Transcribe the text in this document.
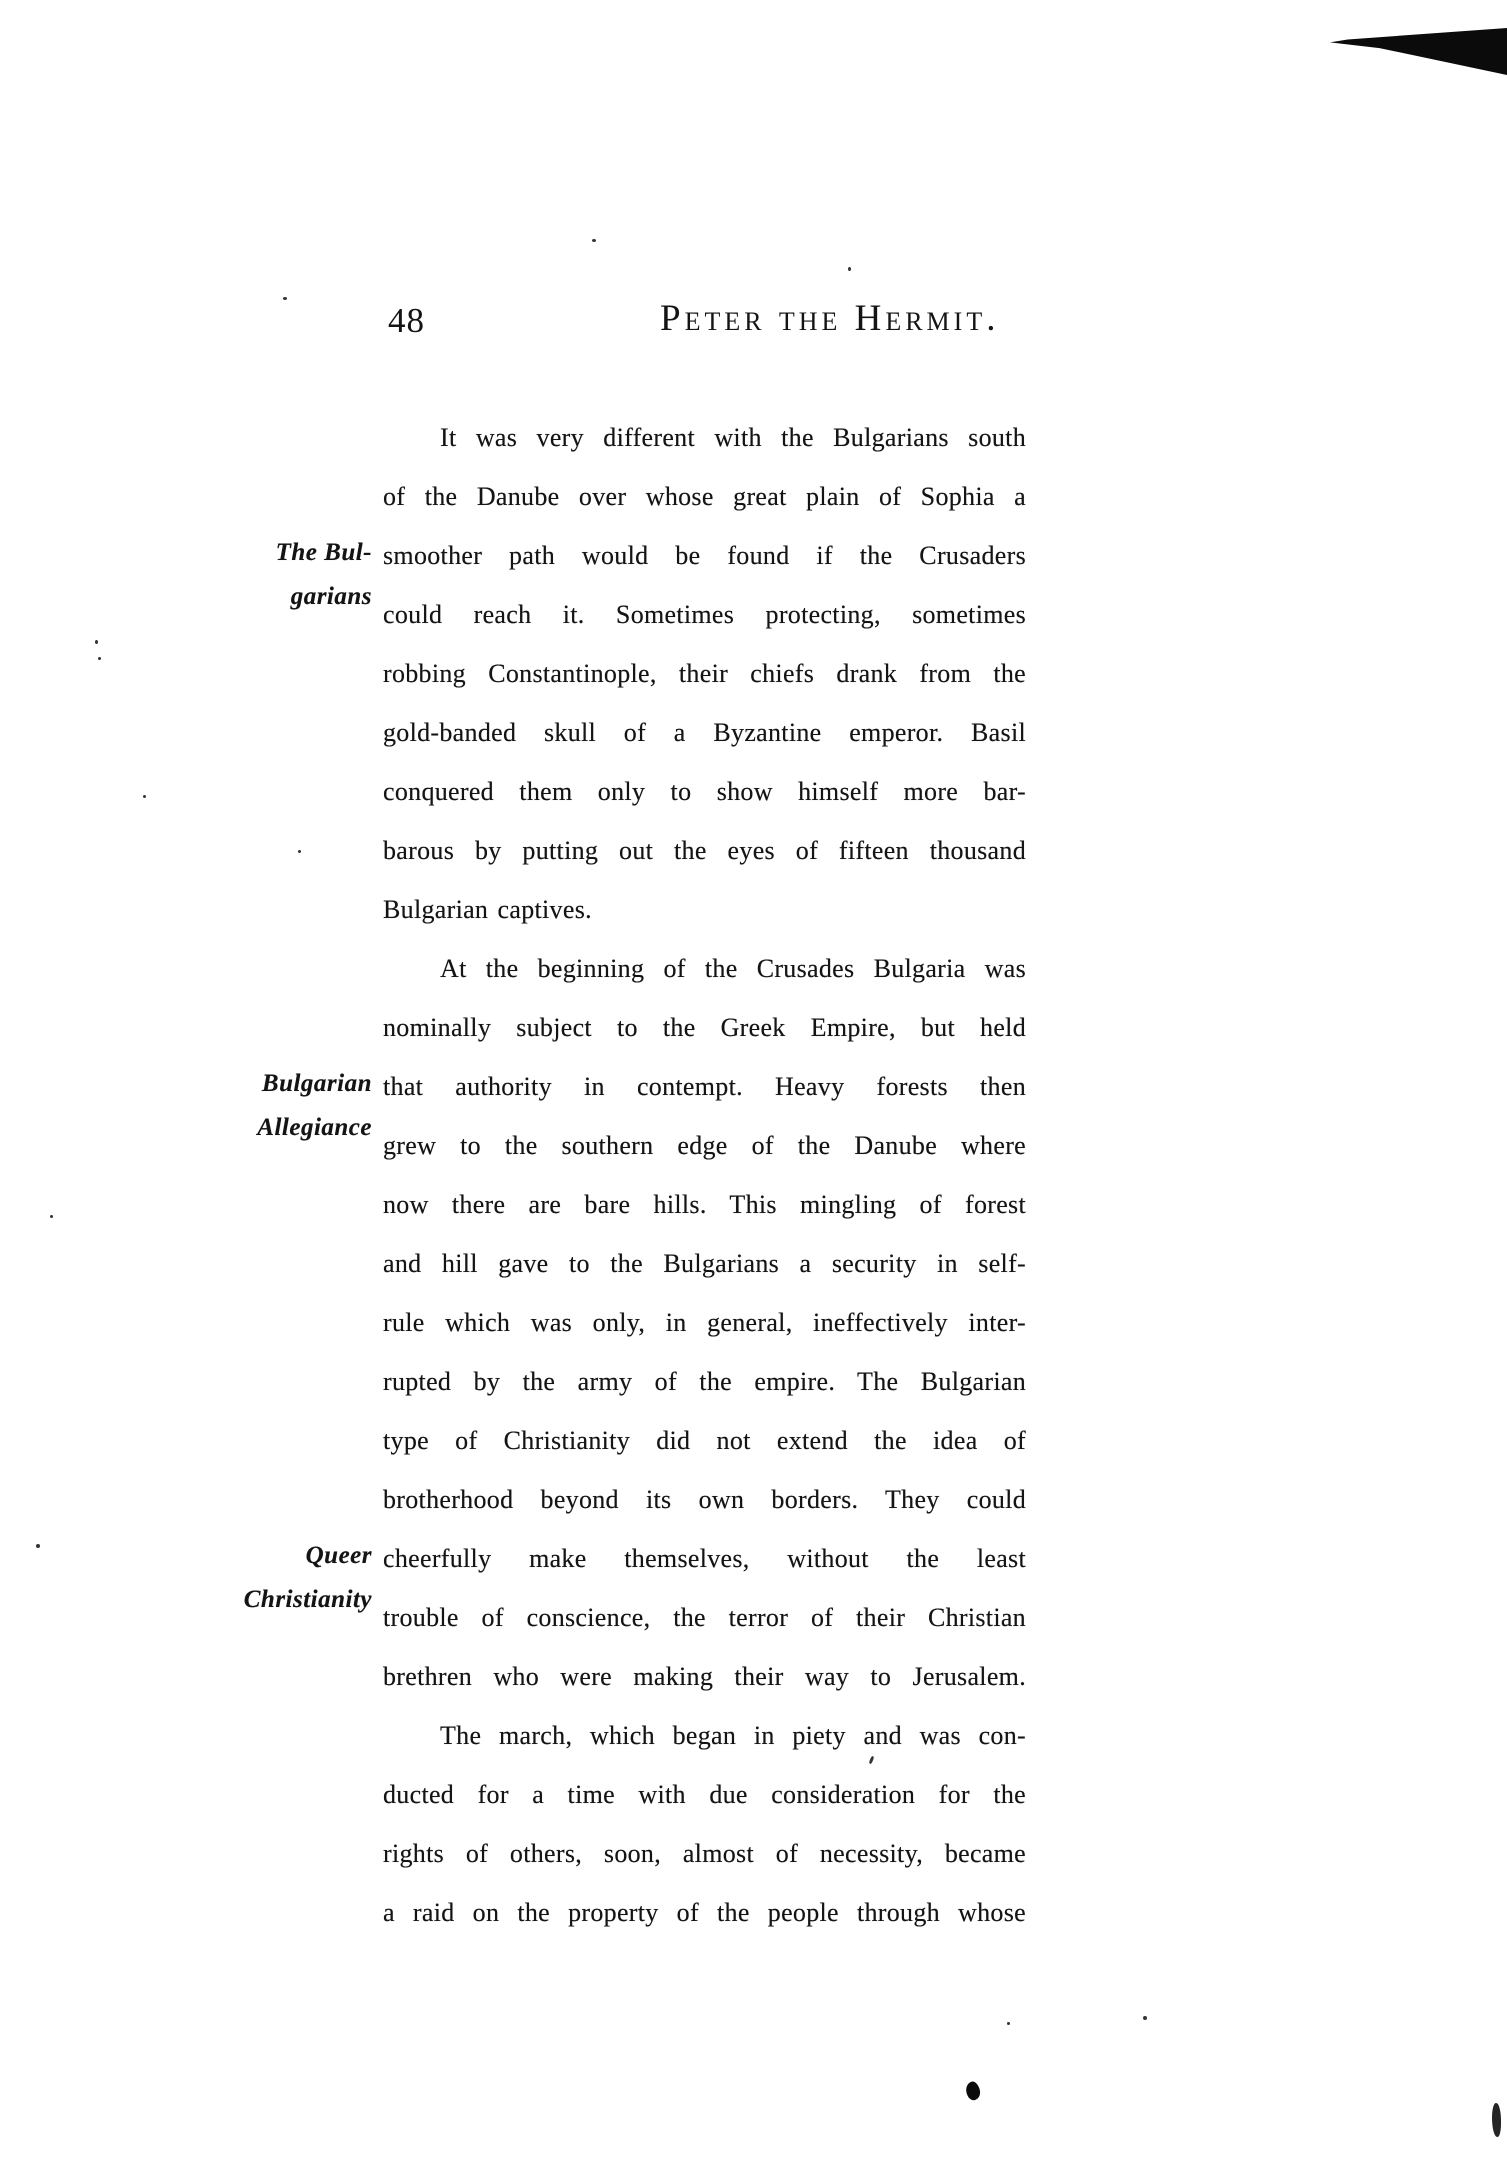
48	Peter the Hermit.
The Bul-
garians
Bulgarian
Allegiance
Queer
Christianity
It was very different with the Bulgarians south
of the Danube over whose great plain of Sophia a
smoother path would be found if the Crusaders
could reach it. Sometimes protecting, sometimes
robbing Constantinople, their chiefs drank from the
gold-banded skull of a Byzantine emperor. Basil
conquered them only to show himself more bar-
barous by putting out the eyes of fifteen thousand
Bulgarian captives.
At the beginning of the Crusades Bulgaria was
nominally subject to the Greek Empire, but held
that authority in contempt. Heavy forests then
grew to the southern edge of the Danube where
now there are bare hills. This mingling of forest
and hill gave to the Bulgarians a security in self-
rule which was only, in general, ineffectively inter-
rupted by the army of the empire. The Bulgarian
type of Christianity did not extend the idea of
brotherhood beyond its own borders. They could
cheerfully make themselves, without the least
trouble of conscience, the terror of their Christian
brethren who were making their way to Jerusalem.
The march, which began in piety and was con-
ducted for a time with due consideration for the
rights of others, soon, almost of necessity, became
a raid on the property of the people through whose
